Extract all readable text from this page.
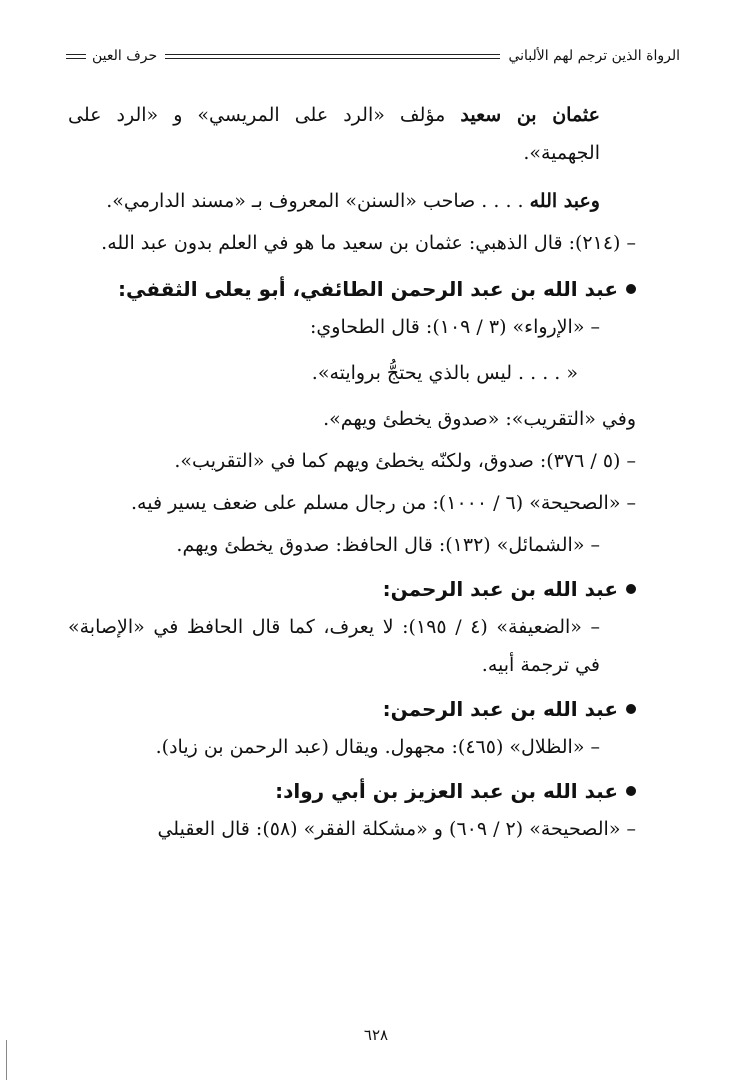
الرواة الذين ترجم لهم الألباني
حرف العين

عثمان بن سعيد مؤلف «الرد على المريسي» و «الرد على الجهمية».

وعبد الله . . . . صاحب «السنن» المعروف بـ «مسند الدارمي».

– (٢١٤): قال الذهبي: عثمان بن سعيد ما هو في العلم بدون عبد الله.

عبد الله بن عبد الرحمن الطائفي، أبو يعلى الثقفي:

– «الإرواء» (٣ / ١٠٩): قال الطحاوي:

« . . . . ليس بالذي يحتجُّ بروايته».

وفي «التقريب»: «صدوق يخطئ ويهم».

– (٥ / ٣٧٦): صدوق، ولكنّه يخطئ ويهم كما في «التقريب».

– «الصحيحة» (٦ / ١٠٠٠): من رجال مسلم على ضعف يسير فيه.

– «الشمائل» (١٣٢): قال الحافظ: صدوق يخطئ ويهم.

عبد الله بن عبد الرحمن:

– «الضعيفة» (٤ / ١٩٥): لا يعرف، كما قال الحافظ في «الإصابة» في ترجمة أبيه.

عبد الله بن عبد الرحمن:

– «الظلال» (٤٦٥): مجهول. ويقال (عبد الرحمن بن زياد).

عبد الله بن عبد العزيز بن أبي رواد:

– «الصحيحة» (٢ / ٦٠٩) و «مشكلة الفقر» (٥٨): قال العقيلي

٦٢٨
